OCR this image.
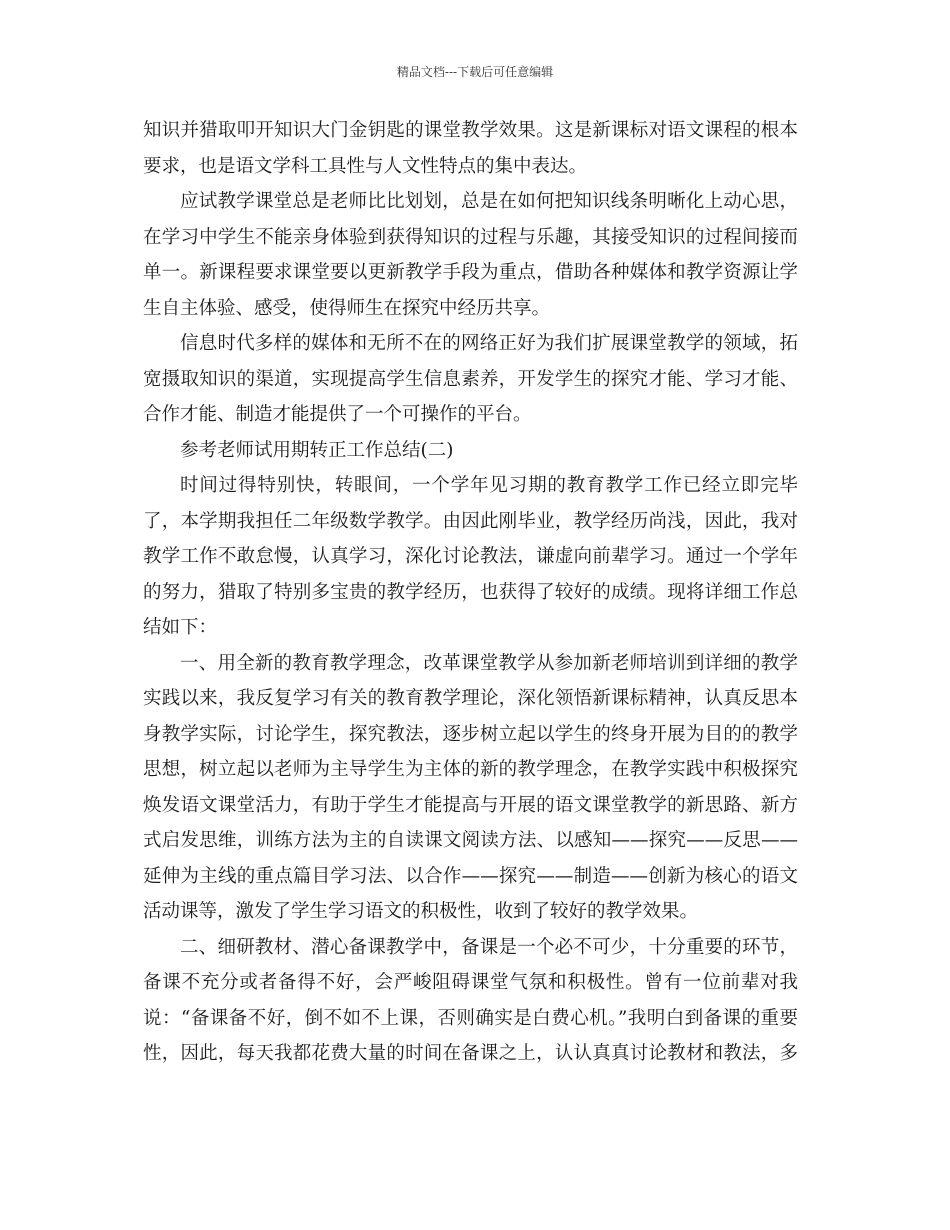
精品文档---下载后可任意编辑
知识并猎取叩开知识大门金钥匙的课堂教学效果。这是新课标对语文课程的根本
要求，也是语文学科工具性与人文性特点的集中表达。
应试教学课堂总是老师比比划划，总是在如何把知识线条明晰化上动心思，
在学习中学生不能亲身体验到获得知识的过程与乐趣，其接受知识的过程间接而
单一。新课程要求课堂要以更新教学手段为重点，借助各种媒体和教学资源让学
生自主体验、感受，使得师生在探究中经历共享。
信息时代多样的媒体和无所不在的网络正好为我们扩展课堂教学的领域，拓
宽摄取知识的渠道，实现提高学生信息素养，开发学生的探究才能、学习才能、
合作才能、制造才能提供了一个可操作的平台。
参考老师试用期转正工作总结(二)
时间过得特别快，转眼间，一个学年见习期的教育教学工作已经立即完毕
了，本学期我担任二年级数学教学。由因此刚毕业，教学经历尚浅，因此，我对
教学工作不敢怠慢，认真学习，深化讨论教法，谦虚向前辈学习。通过一个学年
的努力，猎取了特别多宝贵的教学经历，也获得了较好的成绩。现将详细工作总
结如下：
一、用全新的教育教学理念，改革课堂教学从参加新老师培训到详细的教学
实践以来，我反复学习有关的教育教学理论，深化领悟新课标精神，认真反思本
身教学实际，讨论学生，探究教法，逐步树立起以学生的终身开展为目的的教学
思想，树立起以老师为主导学生为主体的新的教学理念，在教学实践中积极探究
焕发语文课堂活力，有助于学生才能提高与开展的语文课堂教学的新思路、新方
式启发思维，训练方法为主的自读课文阅读方法、以感知——探究——反思——
延伸为主线的重点篇目学习法、以合作——探究——制造——创新为核心的语文
活动课等，激发了学生学习语文的积极性，收到了较好的教学效果。
二、细研教材、潜心备课教学中，备课是一个必不可少，十分重要的环节，
备课不充分或者备得不好，会严峻阻碍课堂气氛和积极性。曾有一位前辈对我
说：“备课备不好，倒不如不上课，否则确实是白费心机。”我明白到备课的重要
性，因此，每天我都花费大量的时间在备课之上，认认真真讨论教材和教法，多
